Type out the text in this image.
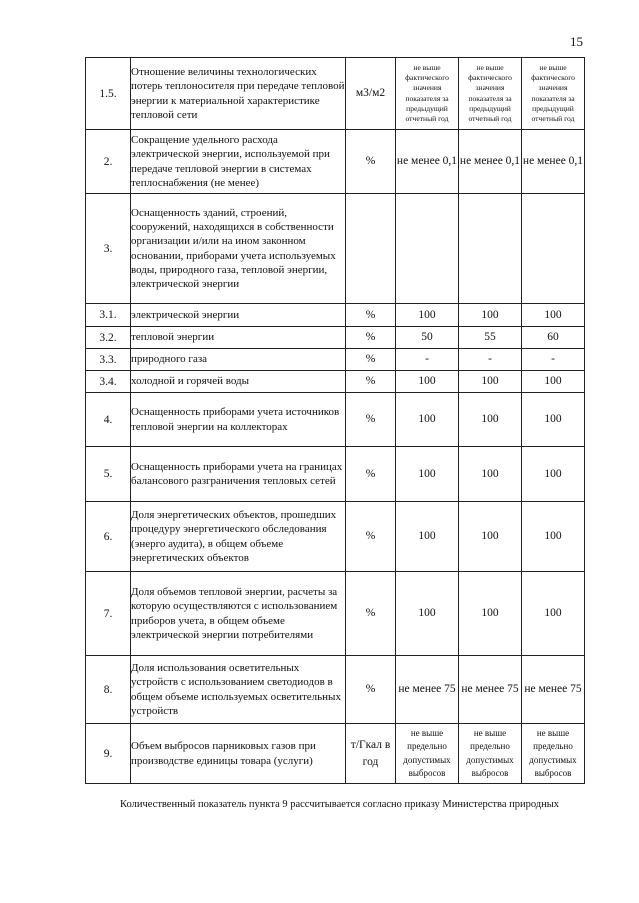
15
1.5.	Отношение величины технологических потерь теплоносителя при передаче тепловой энергии к материальной характеристике тепловой сети	м3/м2	не выше фактического значения показателя за предыдущий отчетный год	не выше фактического значения показателя за предыдущий отчетный год	не выше фактического значения показателя за предыдущий отчетный год
2.	Сокращение удельного расхода электрической энергии, используемой при передаче тепловой энергии в системах теплоснабжения (не менее)	%	не менее 0,1	не менее 0,1	не менее 0,1
3.	Оснащенность зданий, строений, сооружений, находящихся в собственности организации и/или на ином законном основании, приборами учета используемых воды, природного газа, тепловой энергии, электрической энергии				
3.1.	электрической энергии	%	100	100	100
3.2.	тепловой энергии	%	50	55	60
3.3.	природного газа	%	-	-	-
3.4.	холодной и горячей воды	%	100	100	100
4.	Оснащенность приборами учета источников тепловой энергии на коллекторах	%	100	100	100
5.	Оснащенность приборами учета на границах балансового разграничения тепловых сетей	%	100	100	100
6.	Доля энергетических объектов, прошедших процедуру энергетического обследования (энерго аудита), в общем объеме энергетических объектов	%	100	100	100
7.	Доля объемов тепловой энергии, расчеты за которую осуществляются с использованием приборов учета, в общем объеме электрической энергии потребителями	%	100	100	100
8.	Доля использования осветительных устройств с использованием светодиодов в общем объеме используемых осветительных устройств	%	не менее 75	не менее 75	не менее 75
9.	Объем выбросов парниковых газов при производстве единицы товара (услуги)	т/Гкал в год	не выше предельно допустимых выбросов	не выше предельно допустимых выбросов	не выше предельно допустимых выбросов
Количественный показатель пункта 9 рассчитывается согласно приказу Министерства природных
